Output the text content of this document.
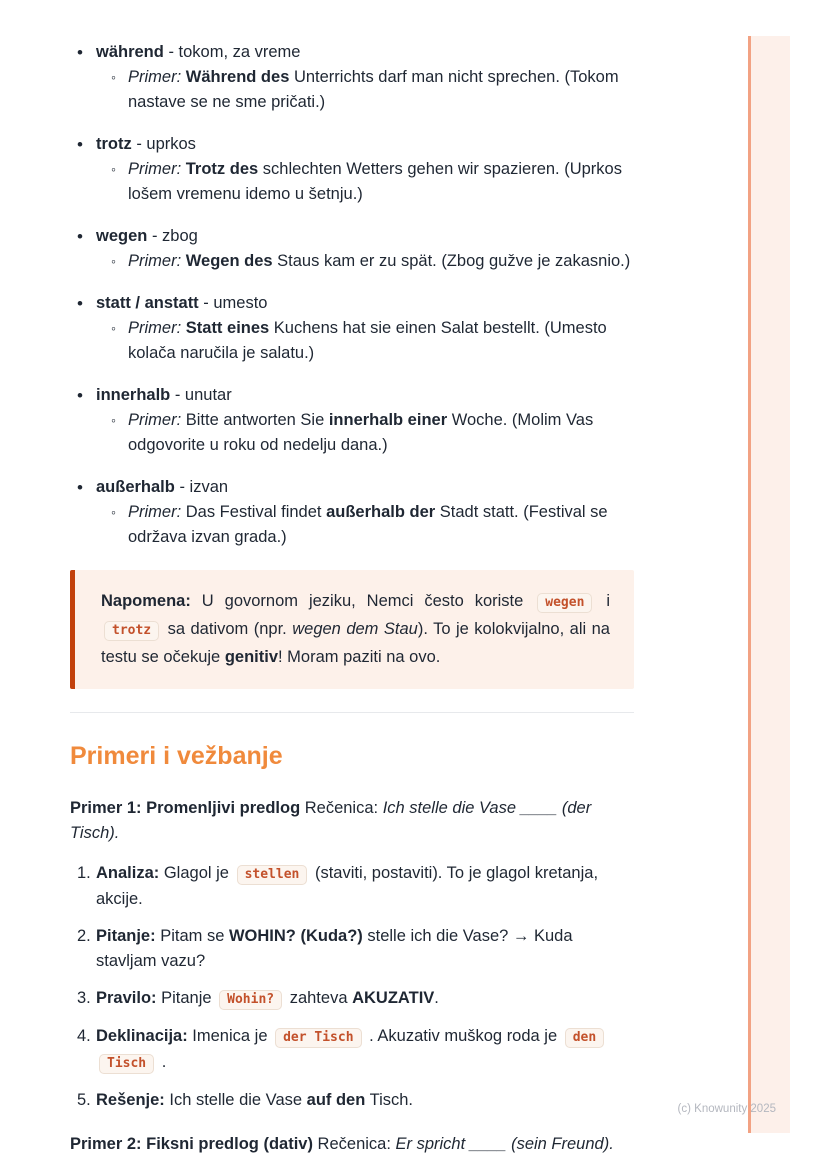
• während - tokom, za vreme
◦ Primer: Während des Unterrichts darf man nicht sprechen. (Tokom nastave se ne sme pričati.)
• trotz - uprkos
◦ Primer: Trotz des schlechten Wetters gehen wir spazieren. (Uprkos lošem vremenu idemo u šetnju.)
• wegen - zbog
◦ Primer: Wegen des Staus kam er zu spät. (Zbog gužve je zakasnio.)
• statt / anstatt - umesto
◦ Primer: Statt eines Kuchens hat sie einen Salat bestellt. (Umesto kolača naručila je salatu.)
• innerhalb - unutar
◦ Primer: Bitte antworten Sie innerhalb einer Woche. (Molim Vas odgovorite u roku od nedelju dana.)
• außerhalb - izvan
◦ Primer: Das Festival findet außerhalb der Stadt statt. (Festival se održava izvan grada.)

Napomena: U govornom jeziku, Nemci često koriste wegen i trotz sa dativom (npr. wegen dem Stau). To je kolokvijalno, ali na testu se očekuje genitiv! Moram paziti na ovo.

Primeri i vežbanje

Primer 1: Promenljivi predlog Rečenica: Ich stelle die Vase ____ (der Tisch).

1. Analiza: Glagol je stellen (staviti, postaviti). To je glagol kretanja, akcije.
2. Pitanje: Pitam se WOHIN? (Kuda?) stelle ich die Vase? → Kuda stavljam vazu?
3. Pravilo: Pitanje Wohin? zahteva AKUZATIV.
4. Deklinacija: Imenica je der Tisch . Akuzativ muškog roda je den Tisch .
5. Rešenje: Ich stelle die Vase auf den Tisch.

Primer 2: Fiksni predlog (dativ) Rečenica: Er spricht ____ (sein Freund).

(c) Knowunity 2025
